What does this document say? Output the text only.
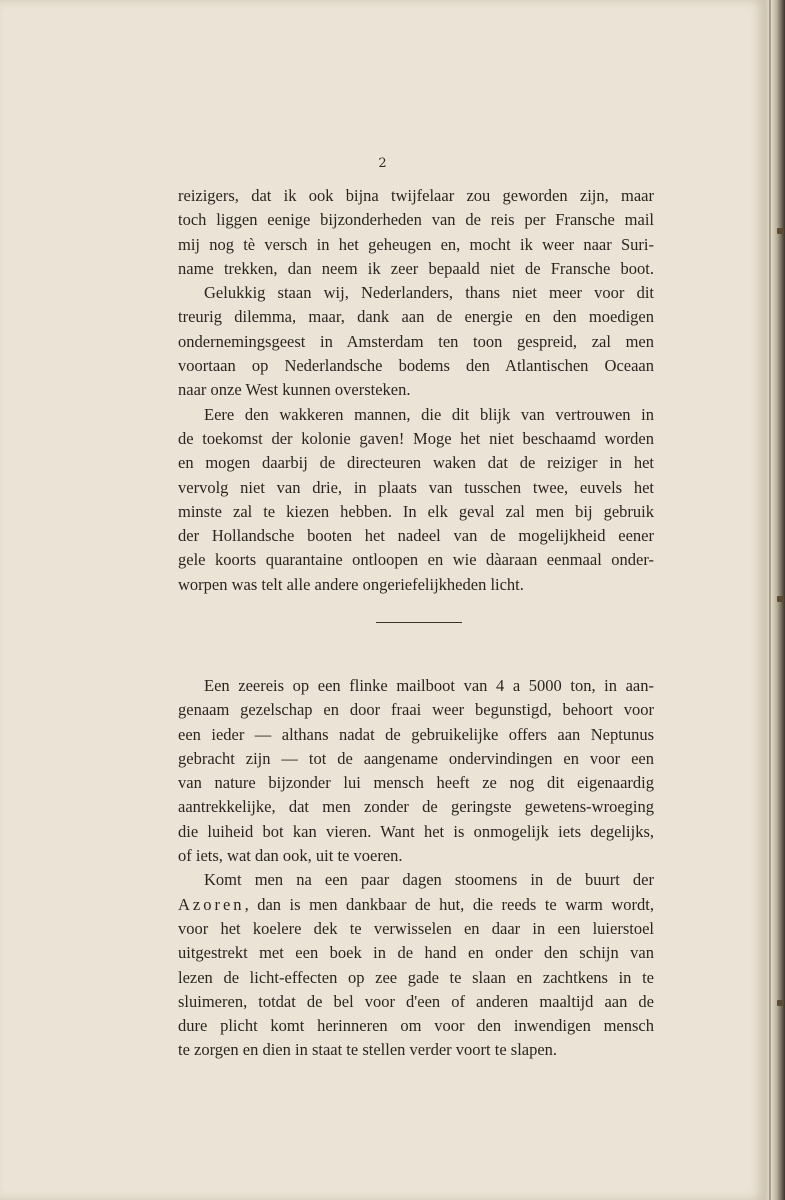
2
reizigers, dat ik ook bijna twijfelaar zou geworden zijn, maar
toch liggen eenige bijzonderheden van de reis per Fransche mail
mij nog tè versch in het geheugen en, mocht ik weer naar Suri-
name trekken, dan neem ik zeer bepaald niet de Fransche boot.
Gelukkig staan wij, Nederlanders, thans niet meer voor dit
treurig dilemma, maar, dank aan de energie en den moedigen
ondernemingsgeest in Amsterdam ten toon gespreid, zal men
voortaan op Nederlandsche bodems den Atlantischen Oceaan
naar onze West kunnen oversteken.
Eere den wakkeren mannen, die dit blijk van vertrouwen in
de toekomst der kolonie gaven! Moge het niet beschaamd worden
en mogen daarbij de directeuren waken dat de reiziger in het
vervolg niet van drie, in plaats van tusschen twee, euvels het
minste zal te kiezen hebben. In elk geval zal men bij gebruik
der Hollandsche booten het nadeel van de mogelijkheid eener
gele koorts quarantaine ontloopen en wie dàaraan eenmaal onder-
worpen was telt alle andere ongeriefelijkheden licht.
Een zeereis op een flinke mailboot van 4 a 5000 ton, in aan-
genaam gezelschap en door fraai weer begunstigd, behoort voor
een ieder — althans nadat de gebruikelijke offers aan Neptunus
gebracht zijn — tot de aangename ondervindingen en voor een
van nature bijzonder lui mensch heeft ze nog dit eigenaardig
aantrekkelijke, dat men zonder de geringste gewetens-wroeging
die luiheid bot kan vieren. Want het is onmogelijk iets degelijks,
of iets, wat dan ook, uit te voeren.
Komt men na een paar dagen stoomens in de buurt der
Azoren, dan is men dankbaar de hut, die reeds te warm wordt,
voor het koelere dek te verwisselen en daar in een luierstoel
uitgestrekt met een boek in de hand en onder den schijn van
lezen de licht-effecten op zee gade te slaan en zachtkens in te
sluimeren, totdat de bel voor d'een of anderen maaltijd aan de
dure plicht komt herinneren om voor den inwendigen mensch
te zorgen en dien in staat te stellen verder voort te slapen.
